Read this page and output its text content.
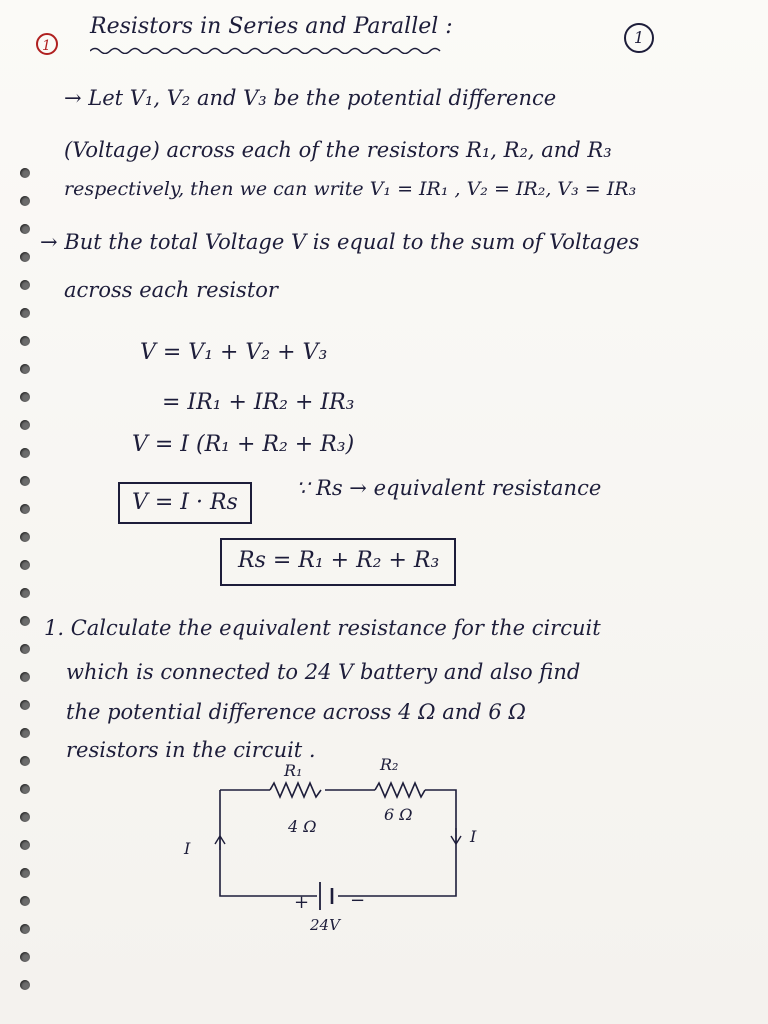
1
Resistors in Series and Parallel :	1
→ Let V₁, V₂ and V₃ be the potential difference
(Voltage) across each of the resistors R₁, R₂, and R₃
respectively, then we can write V₁ = IR₁ , V₂ = IR₂, V₃ = IR₃
→ But the total Voltage V is equal to the sum of Voltages
across each resistor
V = V₁ + V₂ + V₃
= IR₁ + IR₂ + IR₃
V = I (R₁ + R₂ + R₃)
V = I · Rs
∵ Rs → equivalent resistance
Rs = R₁ + R₂ + R₃
1. Calculate the equivalent resistance for the circuit
which is connected to 24 V battery and also find
the potential difference across 4 Ω and 6 Ω
resistors in the circuit .
R₁	R₂
4 Ω
6 Ω
I
I
+ −
24V
